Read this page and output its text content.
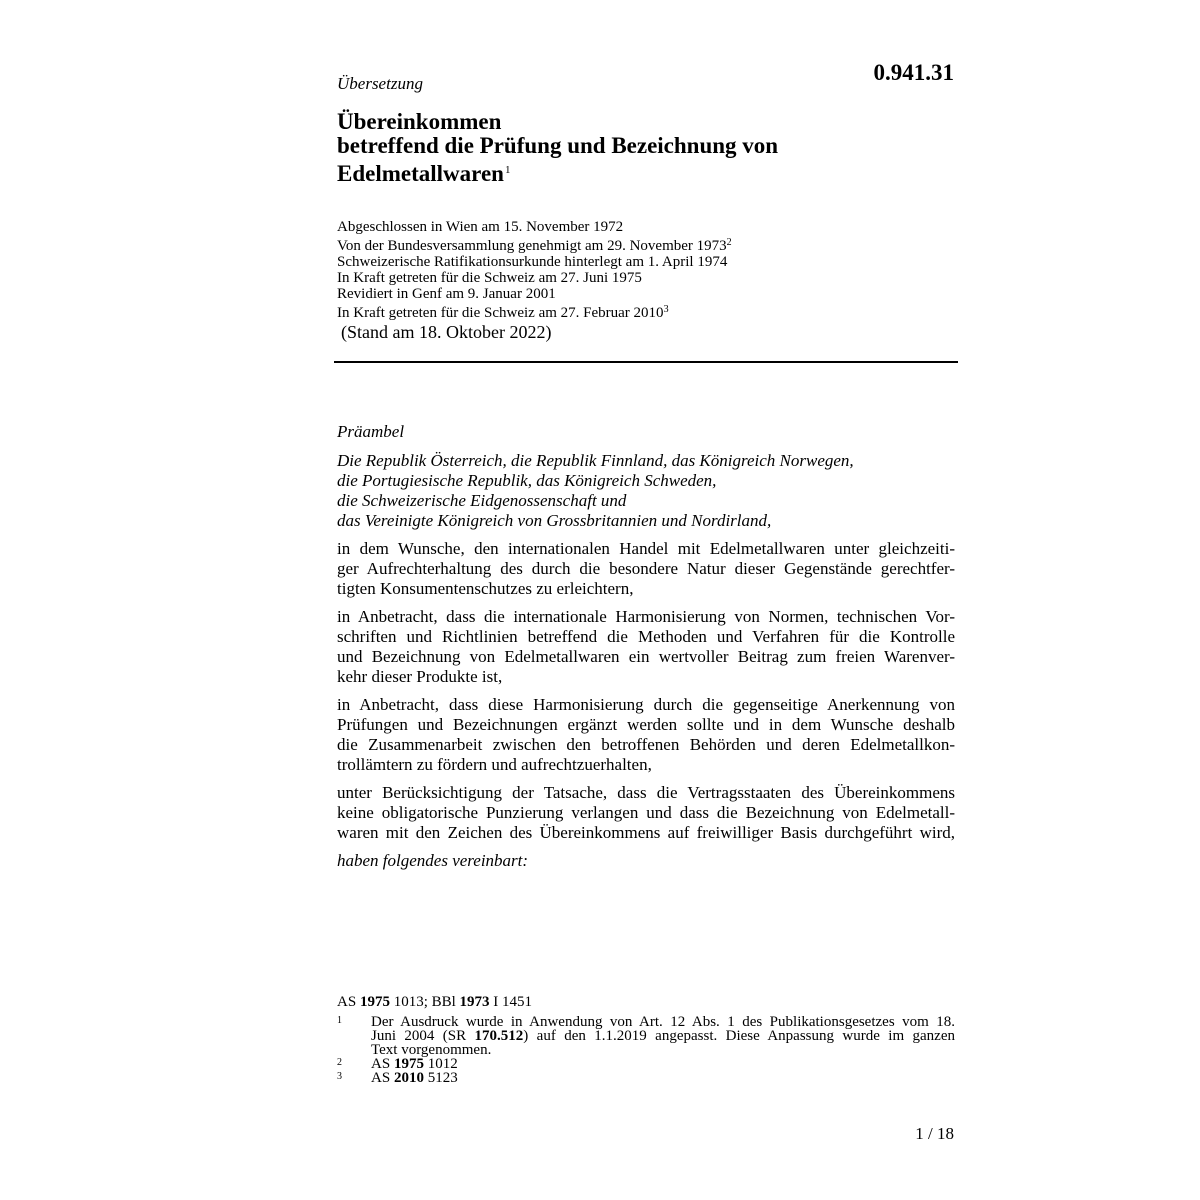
Übersetzung	0.941.31
Übereinkommen
betreffend die Prüfung und Bezeichnung von
Edelmetallwaren$^1$
Abgeschlossen in Wien am 15. November 1972
Von der Bundesversammlung genehmigt am 29. November 1973$^2$
Schweizerische Ratifikationsurkunde hinterlegt am 1. April 1974
In Kraft getreten für die Schweiz am 27. Juni 1975
Revidiert in Genf am 9. Januar 2001
In Kraft getreten für die Schweiz am 27. Februar 2010$^3$
(Stand am 18. Oktober 2022)
Präambel
Die Republik Österreich, die Republik Finnland, das Königreich Norwegen,
die Portugiesische Republik, das Königreich Schweden,
die Schweizerische Eidgenossenschaft und
das Vereinigte Königreich von Grossbritannien und Nordirland,
in dem Wunsche, den internationalen Handel mit Edelmetallwaren unter gleichzeiti-
ger Aufrechterhaltung des durch die besondere Natur dieser Gegenstände gerechtfer-
tigten Konsumentenschutzes zu erleichtern,
in Anbetracht, dass die internationale Harmonisierung von Normen, technischen Vor-
schriften und Richtlinien betreffend die Methoden und Verfahren für die Kontrolle
und Bezeichnung von Edelmetallwaren ein wertvoller Beitrag zum freien Warenver-
kehr dieser Produkte ist,
in Anbetracht, dass diese Harmonisierung durch die gegenseitige Anerkennung von
Prüfungen und Bezeichnungen ergänzt werden sollte und in dem Wunsche deshalb
die Zusammenarbeit zwischen den betroffenen Behörden und deren Edelmetallkon-
trollämtern zu fördern und aufrechtzuerhalten,
unter Berücksichtigung der Tatsache, dass die Vertragsstaaten des Übereinkommens
keine obligatorische Punzierung verlangen und dass die Bezeichnung von Edelmetall-
waren mit den Zeichen des Übereinkommens auf freiwilliger Basis durchgeführt wird,
haben folgendes vereinbart:
AS 1975 1013; BBl 1973 I 1451
1	Der Ausdruck wurde in Anwendung von Art. 12 Abs. 1 des Publikationsgesetzes vom 18.
Juni 2004 (SR 170.512) auf den 1.1.2019 angepasst. Diese Anpassung wurde im ganzen
Text vorgenommen.
2	AS 1975 1012
3	AS 2010 5123
1 / 18
